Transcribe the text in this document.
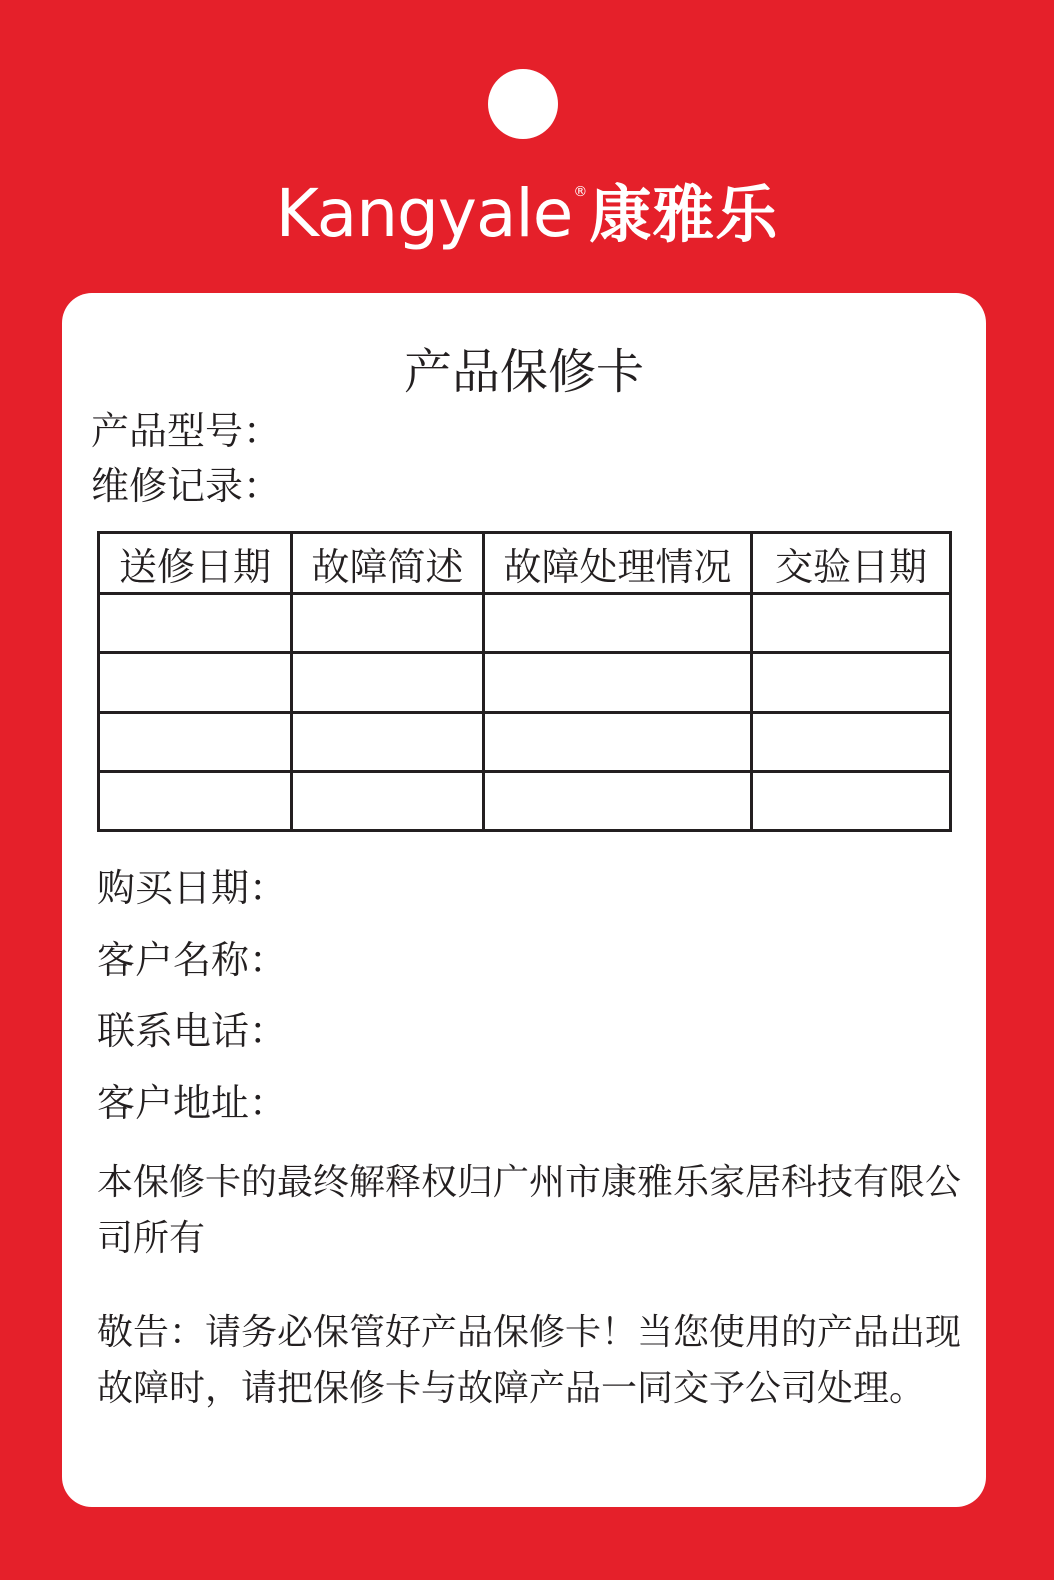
Kangyale®康雅乐
产品保修卡
产品型号：
维修记录：
送修日期	故障简述	故障处理情况	交验日期

购买日期：
客户名称：
联系电话：
客户地址：
本保修卡的最终解释权归广州市康雅乐家居科技有限公司所有
敬告：请务必保管好产品保修卡！当您使用的产品出现故障时，请把保修卡与故障产品一同交予公司处理。
